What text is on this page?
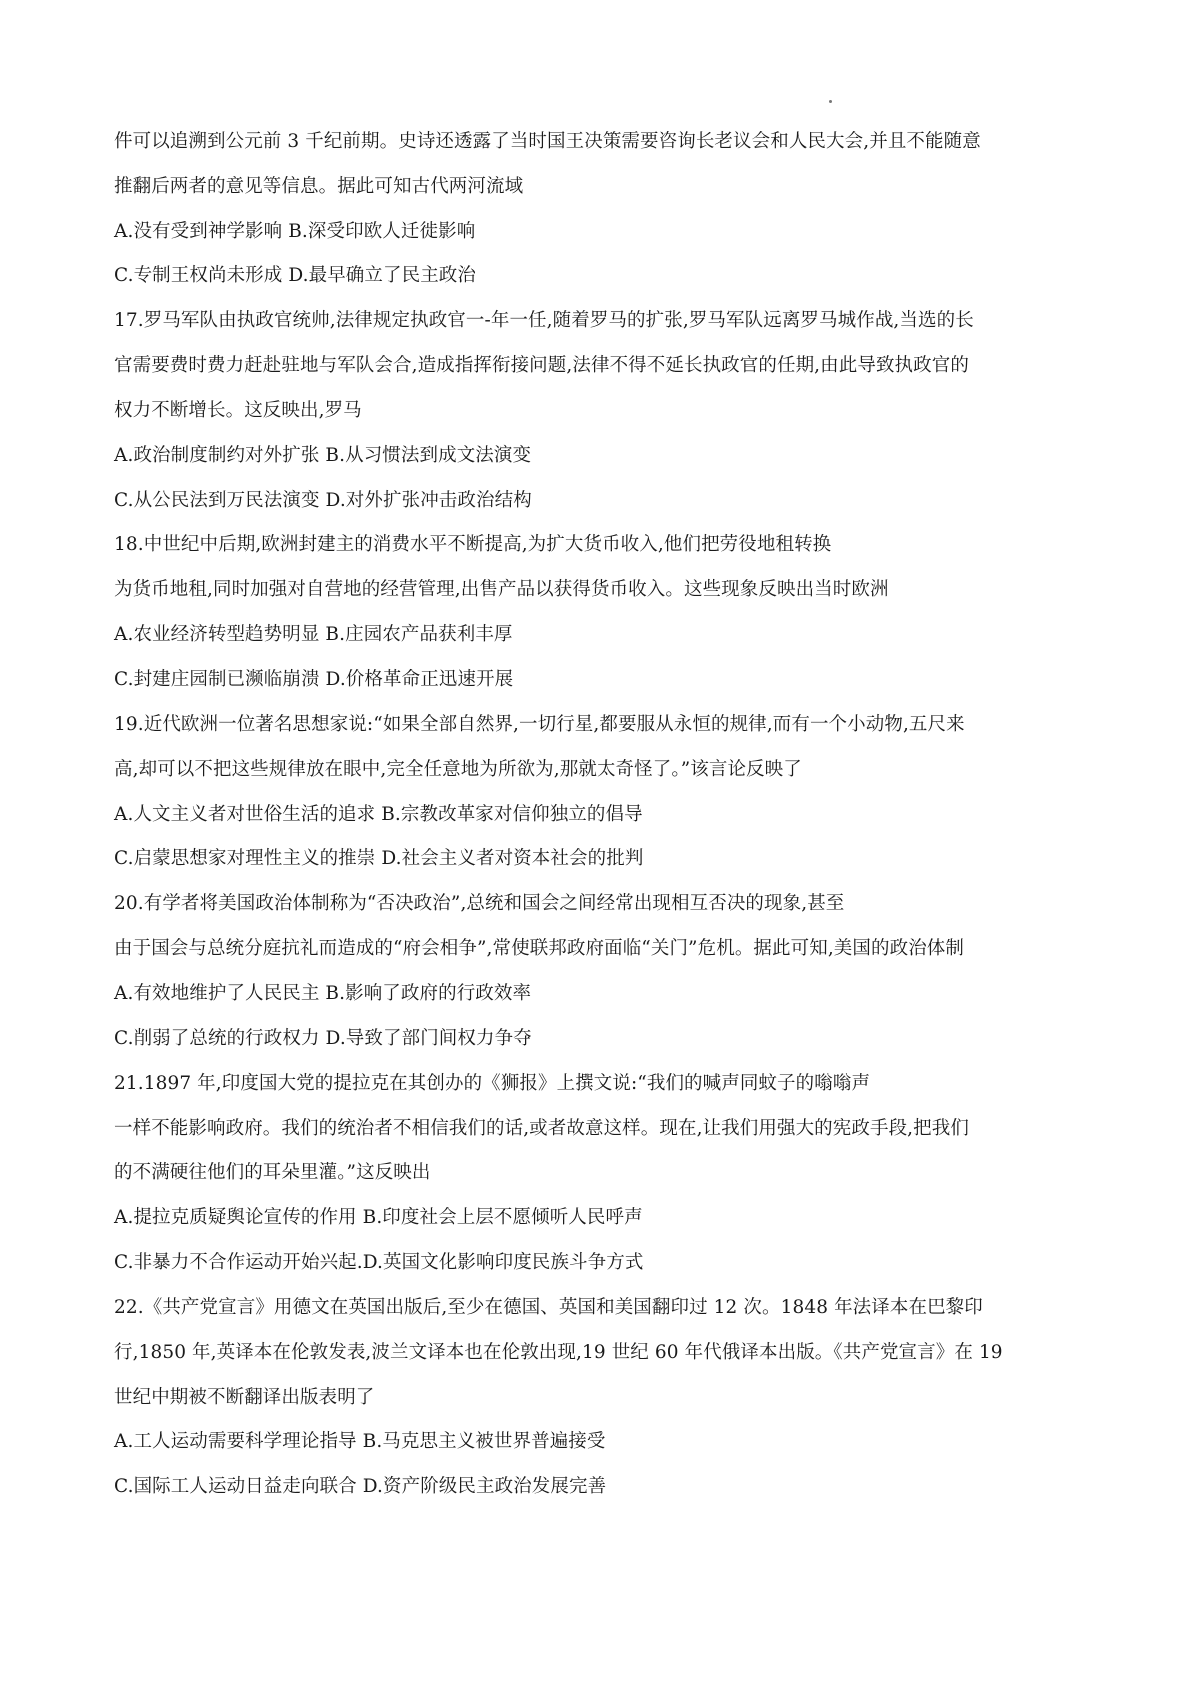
件可以追溯到公元前 3 千纪前期。史诗还透露了当时国王决策需要咨询长老议会和人民大会,并且不能随意
推翻后两者的意见等信息。据此可知古代两河流域
A.没有受到神学影响 B.深受印欧人迁徙影响
C.专制王权尚未形成 D.最早确立了民主政治
17.罗马军队由执政官统帅,法律规定执政官一-年一任,随着罗马的扩张,罗马军队远离罗马城作战,当选的长
官需要费时费力赶赴驻地与军队会合,造成指挥衔接问题,法律不得不延长执政官的任期,由此导致执政官的
权力不断增长。这反映出,罗马
A.政治制度制约对外扩张 B.从习惯法到成文法演变
C.从公民法到万民法演变 D.对外扩张冲击政治结构
18.中世纪中后期,欧洲封建主的消费水平不断提高,为扩大货币收入,他们把劳役地租转换
为货币地租,同时加强对自营地的经营管理,出售产品以获得货币收入。这些现象反映出当时欧洲
A.农业经济转型趋势明显 B.庄园农产品获利丰厚
C.封建庄园制已濒临崩溃 D.价格革命正迅速开展
19.近代欧洲一位著名思想家说:“如果全部自然界,一切行星,都要服从永恒的规律,而有一个小动物,五尺来
高,却可以不把这些规律放在眼中,完全任意地为所欲为,那就太奇怪了。”该言论反映了
A.人文主义者对世俗生活的追求 B.宗教改革家对信仰独立的倡导
C.启蒙思想家对理性主义的推崇 D.社会主义者对资本社会的批判
20.有学者将美国政治体制称为“否决政治”,总统和国会之间经常出现相互否决的现象,甚至
由于国会与总统分庭抗礼而造成的“府会相争”,常使联邦政府面临“关门”危机。据此可知,美国的政治体制
A.有效地维护了人民民主 B.影响了政府的行政效率
C.削弱了总统的行政权力 D.导致了部门间权力争夺
21.1897 年,印度国大党的提拉克在其创办的《狮报》上撰文说:“我们的喊声同蚊子的嗡嗡声
一样不能影响政府。我们的统治者不相信我们的话,或者故意这样。现在,让我们用强大的宪政手段,把我们
的不满硬往他们的耳朵里灌。”这反映出
A.提拉克质疑舆论宣传的作用 B.印度社会上层不愿倾听人民呼声
C.非暴力不合作运动开始兴起.D.英国文化影响印度民族斗争方式
22.《共产党宣言》用德文在英国出版后,至少在德国、英国和美国翻印过 12 次。1848 年法译本在巴黎印
行,1850 年,英译本在伦敦发表,波兰文译本也在伦敦出现,19 世纪 60 年代俄译本出版。《共产党宣言》在 19
世纪中期被不断翻译出版表明了
A.工人运动需要科学理论指导 B.马克思主义被世界普遍接受
C.国际工人运动日益走向联合 D.资产阶级民主政治发展完善
